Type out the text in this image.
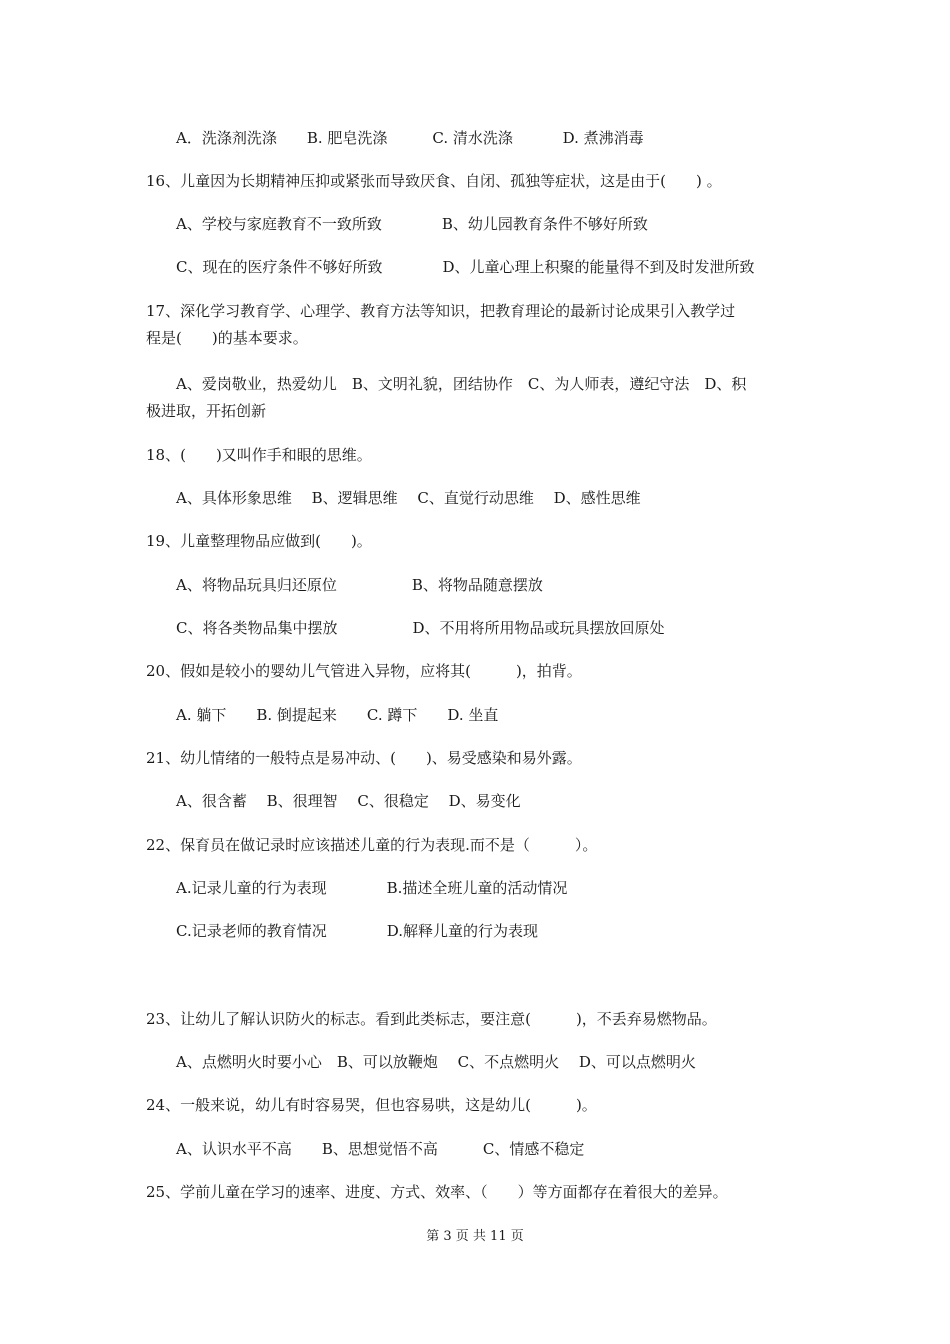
A．洗涤剂洗涤　　B. 肥皂洗涤　　　C. 清水洗涤　　　 D. 煮沸消毒
16、儿童因为长期精神压抑或紧张而导致厌食、自闭、孤独等症状，这是由于(　　) 。
A、学校与家庭教育不一致所致　　　　B、幼儿园教育条件不够好所致
C、现在的医疗条件不够好所致　　　　D、儿童心理上积聚的能量得不到及时发泄所致
17、深化学习教育学、心理学、教育方法等知识，把教育理论的最新讨论成果引入教学过
程是(　　)的基本要求。
A、爱岗敬业，热爱幼儿　B、文明礼貌，团结协作　C、为人师表，遵纪守法　D、积
极进取，开拓创新
18、(　　)又叫作手和眼的思维。
A、具体形象思维　 B、逻辑思维　 C、直觉行动思维　 D、感性思维
19、儿童整理物品应做到(　　)。
A、将物品玩具归还原位　　　　　B、将物品随意摆放
C、将各类物品集中摆放　　　　　D、不用将所用物品或玩具摆放回原处
20、假如是较小的婴幼儿气管进入异物，应将其(　　　)，拍背。
A. 躺下　　B. 倒提起来　　C. 蹲下　　D. 坐直
21、幼儿情绪的一般特点是易冲动、(　　)、易受感染和易外露。
A、很含蓄　 B、很理智　 C、很稳定　 D、易变化
22、保育员在做记录时应该描述儿童的行为表现.而不是（　　　）。
A.记录儿童的行为表现　　　　B.描述全班儿童的活动情况
C.记录老师的教育情况　　　　D.解释儿童的行为表现
23、让幼儿了解认识防火的标志。看到此类标志，要注意(　　　)，不丢弃易燃物品。
A、点燃明火时要小心　B、可以放鞭炮　 C、不点燃明火　 D、可以点燃明火
24、一般来说，幼儿有时容易哭，但也容易哄，这是幼儿(　　　)。
A、认识水平不高　　B、思想觉悟不高　　　C、情感不稳定
25、学前儿童在学习的速率、进度、方式、效率、（　　）等方面都存在着很大的差异。
第 3 页 共 11 页
